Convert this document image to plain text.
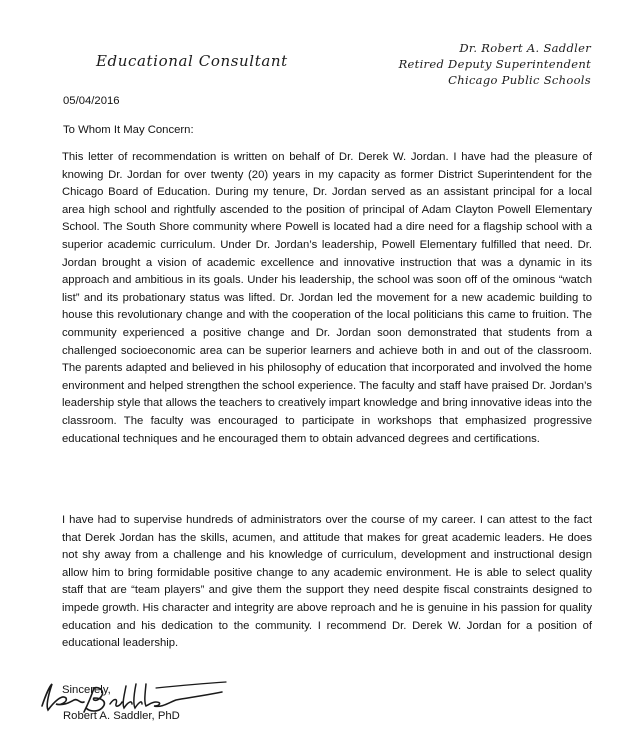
Educational Consultant
Dr. Robert A. Saddler
Retired Deputy Superintendent
Chicago Public Schools
05/04/2016
To Whom It May Concern:

This letter of recommendation is written on behalf of Dr. Derek W. Jordan. I have had the pleasure of knowing Dr. Jordan for over twenty (20) years in my capacity as former District Superintendent for the Chicago Board of Education. During my tenure, Dr. Jordan served as an assistant principal for a local area high school and rightfully ascended to the position of principal of Adam Clayton Powell Elementary School. The South Shore community where Powell is located had a dire need for a flagship school with a superior academic curriculum. Under Dr. Jordan’s leadership, Powell Elementary fulfilled that need. Dr. Jordan brought a vision of academic excellence and innovative instruction that was a dynamic in its approach and ambitious in its goals. Under his leadership, the school was soon off of the ominous “watch list” and its probationary status was lifted. Dr. Jordan led the movement for a new academic building to house this revolutionary change and with the cooperation of the local politicians this came to fruition. The community experienced a positive change and Dr. Jordan soon demonstrated that students from a challenged socioeconomic area can be superior learners and achieve both in and out of the classroom. The parents adapted and believed in his philosophy of education that incorporated and involved the home environment and helped strengthen the school experience. The faculty and staff have praised Dr. Jordan’s leadership style that allows the teachers to creatively impart knowledge and bring innovative ideas into the classroom. The faculty was encouraged to participate in workshops that emphasized progressive educational techniques and he encouraged them to obtain advanced degrees and certifications.

I have had to supervise hundreds of administrators over the course of my career. I can attest to the fact that Derek Jordan has the skills, acumen, and attitude that makes for great academic leaders. He does not shy away from a challenge and his knowledge of curriculum, development and instructional design allow him to bring formidable positive change to any academic environment. He is able to select quality staff that are “team players” and give them the support they need despite fiscal constraints designed to impede growth. His character and integrity are above reproach and he is genuine in his passion for quality education and his dedication to the community. I recommend Dr. Derek W. Jordan for a position of educational leadership.

Sincerely,
Robert A. Saddler, PhD
